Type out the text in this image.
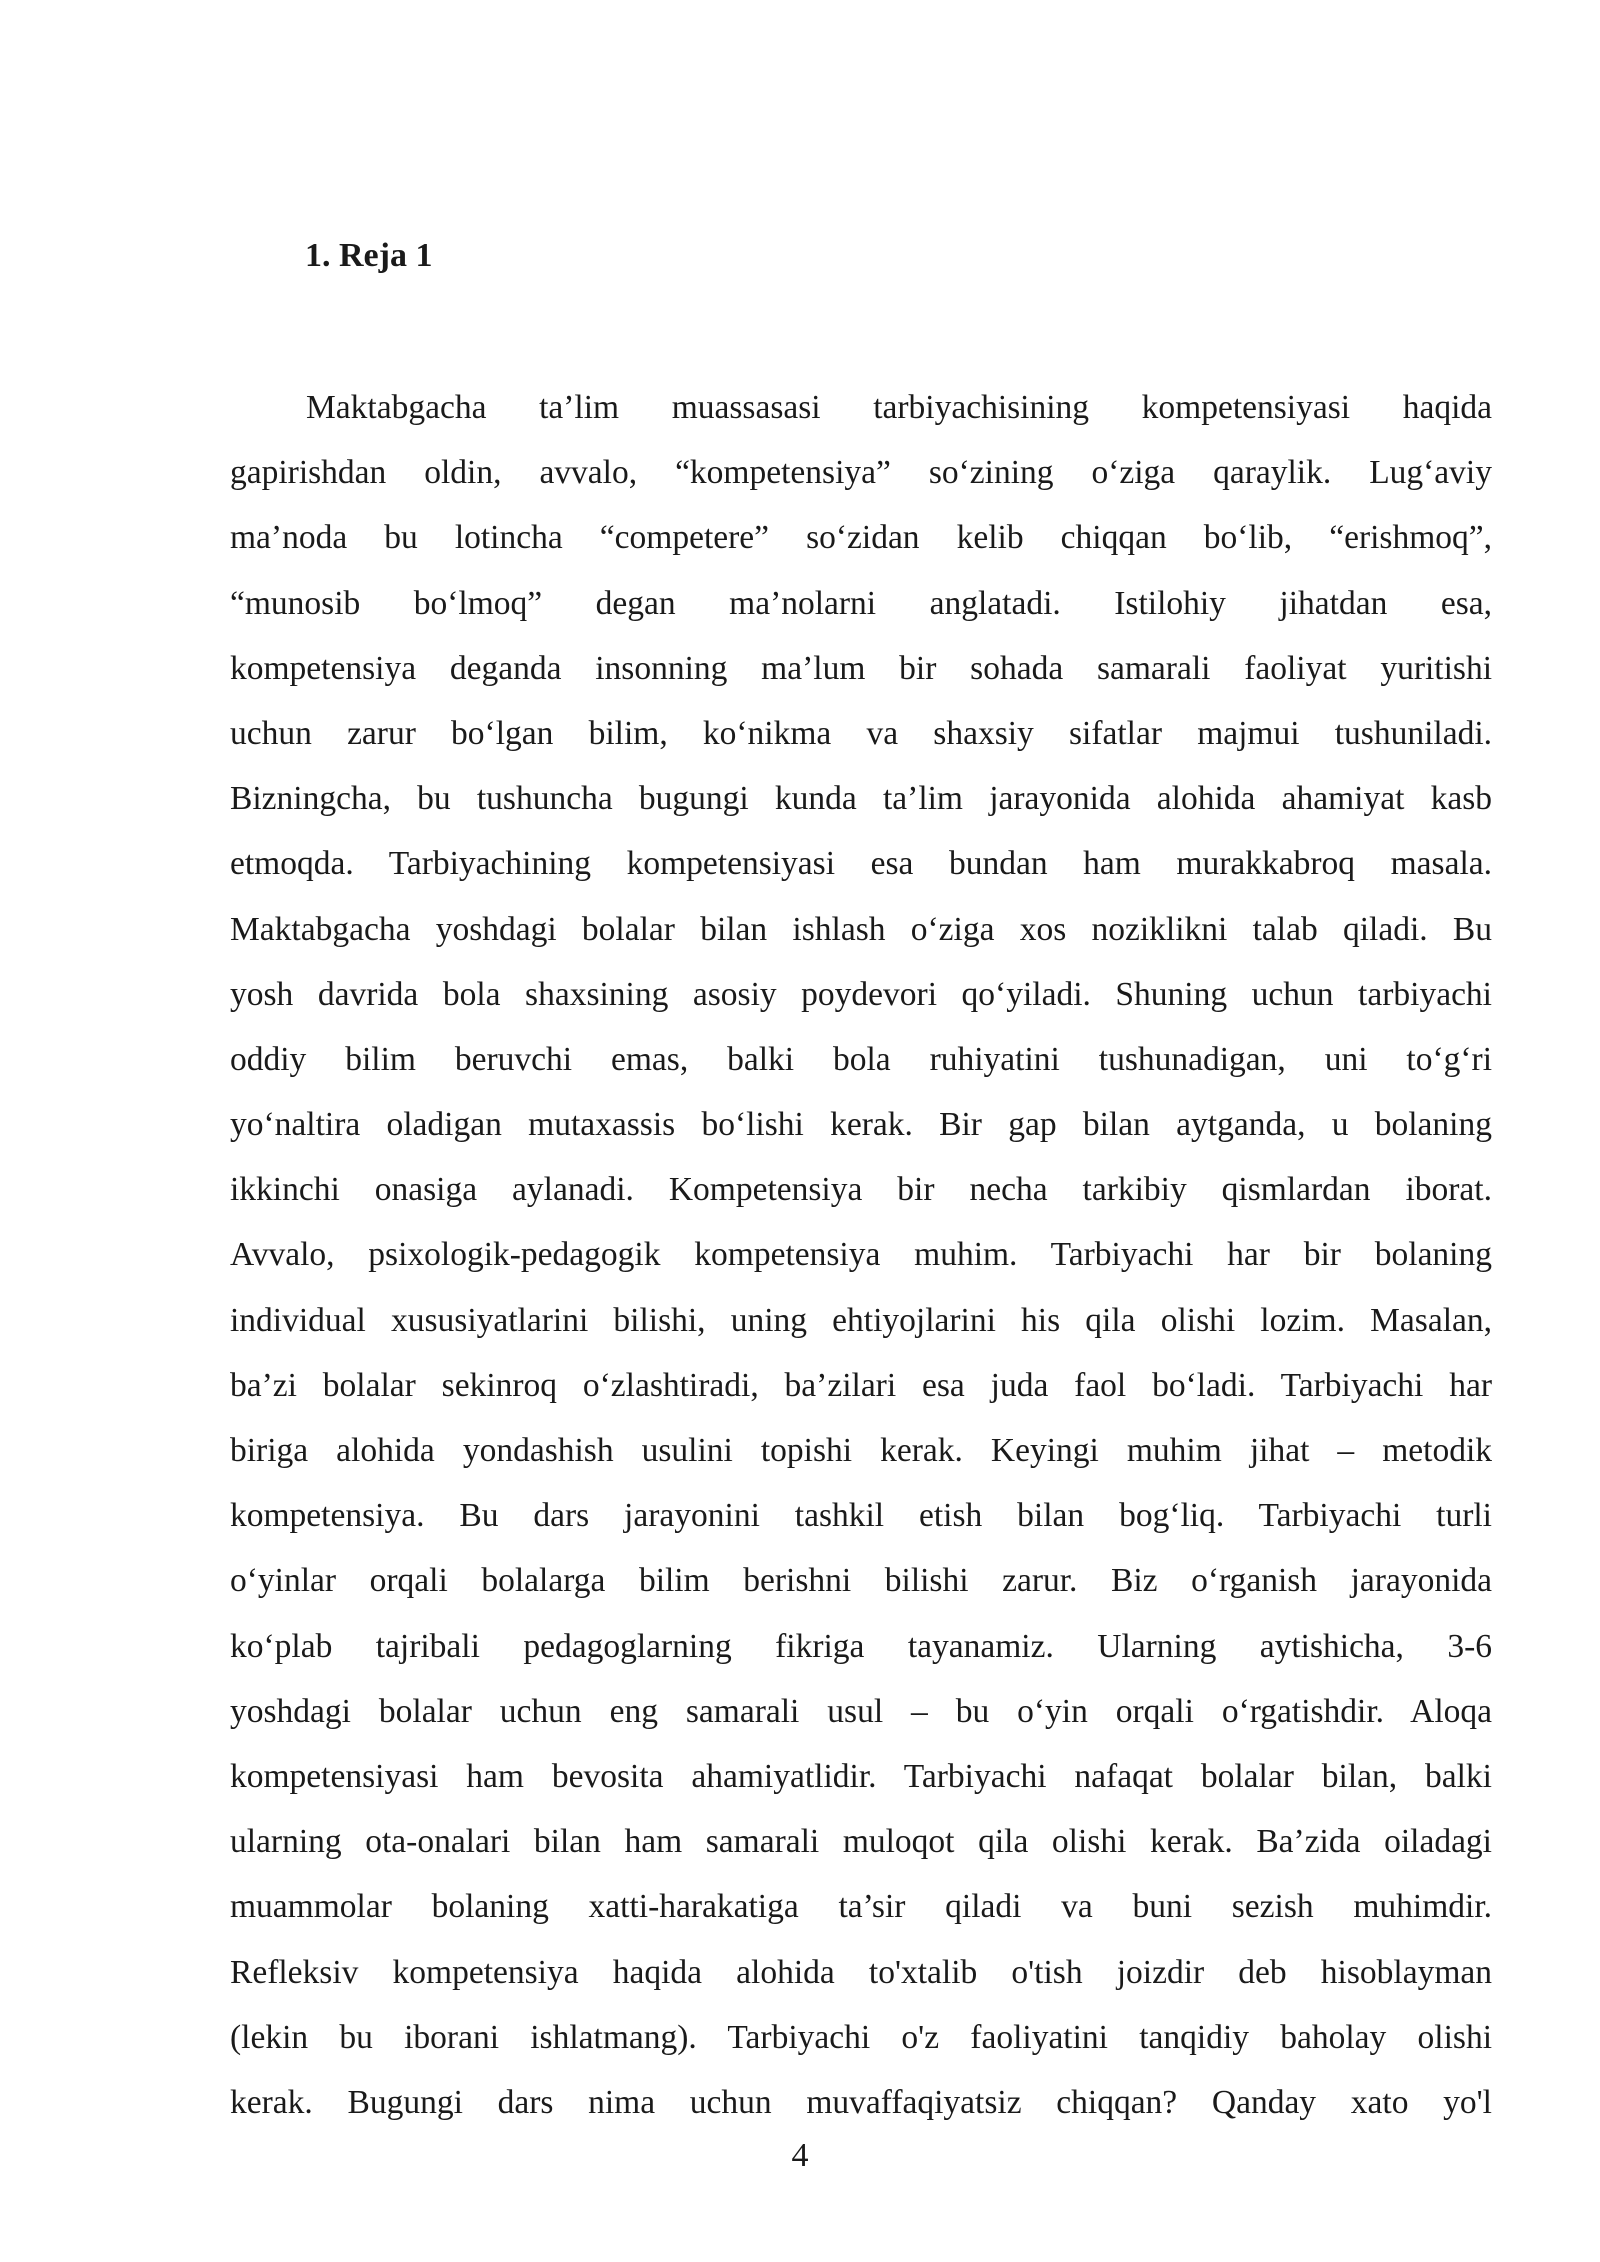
1. Reja 1
Maktabgacha ta’lim muassasasi tarbiyachisining kompetensiyasi haqida
gapirishdan oldin, avvalo, “kompetensiya” so‘zining o‘ziga qaraylik. Lug‘aviy
ma’noda bu lotincha “competere” so‘zidan kelib chiqqan bo‘lib, “erishmoq”,
“munosib bo‘lmoq” degan ma’nolarni anglatadi. Istilohiy jihatdan esa,
kompetensiya deganda insonning ma’lum bir sohada samarali faoliyat yuritishi
uchun zarur bo‘lgan bilim, ko‘nikma va shaxsiy sifatlar majmui tushuniladi.
Bizningcha, bu tushuncha bugungi kunda ta’lim jarayonida alohida ahamiyat kasb
etmoqda. Tarbiyachining kompetensiyasi esa bundan ham murakkabroq masala.
Maktabgacha yoshdagi bolalar bilan ishlash o‘ziga xos noziklikni talab qiladi. Bu
yosh davrida bola shaxsining asosiy poydevori qo‘yiladi. Shuning uchun tarbiyachi
oddiy bilim beruvchi emas, balki bola ruhiyatini tushunadigan, uni to‘g‘ri
yo‘naltira oladigan mutaxassis bo‘lishi kerak. Bir gap bilan aytganda, u bolaning
ikkinchi onasiga aylanadi. Kompetensiya bir necha tarkibiy qismlardan iborat.
Avvalo, psixologik-pedagogik kompetensiya muhim. Tarbiyachi har bir bolaning
individual xususiyatlarini bilishi, uning ehtiyojlarini his qila olishi lozim. Masalan,
ba’zi bolalar sekinroq o‘zlashtiradi, ba’zilari esa juda faol bo‘ladi. Tarbiyachi har
biriga alohida yondashish usulini topishi kerak. Keyingi muhim jihat – metodik
kompetensiya. Bu dars jarayonini tashkil etish bilan bog‘liq. Tarbiyachi turli
o‘yinlar orqali bolalarga bilim berishni bilishi zarur. Biz o‘rganish jarayonida
ko‘plab tajribali pedagoglarning fikriga tayanamiz. Ularning aytishicha, 3-6
yoshdagi bolalar uchun eng samarali usul – bu o‘yin orqali o‘rgatishdir. Aloqa
kompetensiyasi ham bevosita ahamiyatlidir. Tarbiyachi nafaqat bolalar bilan, balki
ularning ota-onalari bilan ham samarali muloqot qila olishi kerak. Ba’zida oiladagi
muammolar bolaning xatti-harakatiga ta’sir qiladi va buni sezish muhimdir.
Refleksiv kompetensiya haqida alohida to'xtalib o'tish joizdir deb hisoblayman
(lekin bu iborani ishlatmang). Tarbiyachi o'z faoliyatini tanqidiy baholay olishi
kerak. Bugungi dars nima uchun muvaffaqiyatsiz chiqqan? Qanday xato yo'l

4
